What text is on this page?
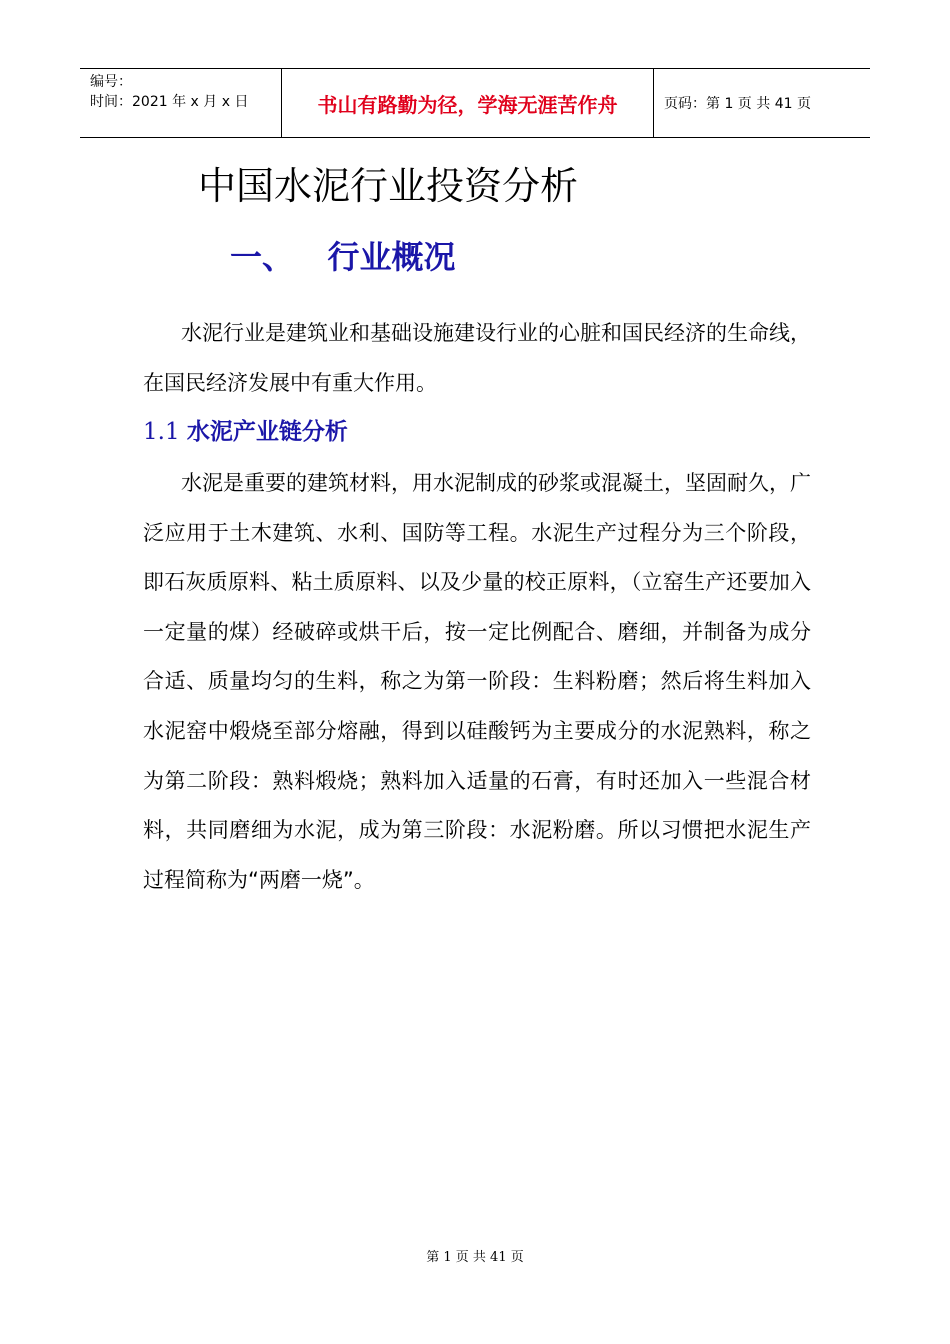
编号：
时间：2021 年 x 月 x 日	书山有路勤为径，学海无涯苦作舟	页码：第 1 页 共 41 页
中国水泥行业投资分析
一、 行业概况

水泥行业是建筑业和基础设施建设行业的心脏和国民经济的生命线，在国民经济发展中有重大作用。

1.1 水泥产业链分析

水泥是重要的建筑材料，用水泥制成的砂浆或混凝土，坚固耐久，广泛应用于土木建筑、水利、国防等工程。水泥生产过程分为三个阶段，即石灰质原料、粘土质原料、以及少量的校正原料，（立窑生产还要加入一定量的煤）经破碎或烘干后，按一定比例配合、磨细，并制备为成分合适、质量均匀的生料，称之为第一阶段：生料粉磨；然后将生料加入水泥窑中煅烧至部分熔融，得到以硅酸钙为主要成分的水泥熟料，称之为第二阶段：熟料煅烧；熟料加入适量的石膏，有时还加入一些混合材料，共同磨细为水泥，成为第三阶段：水泥粉磨。所以习惯把水泥生产过程简称为“两磨一烧”。

第 1 页 共 41 页
